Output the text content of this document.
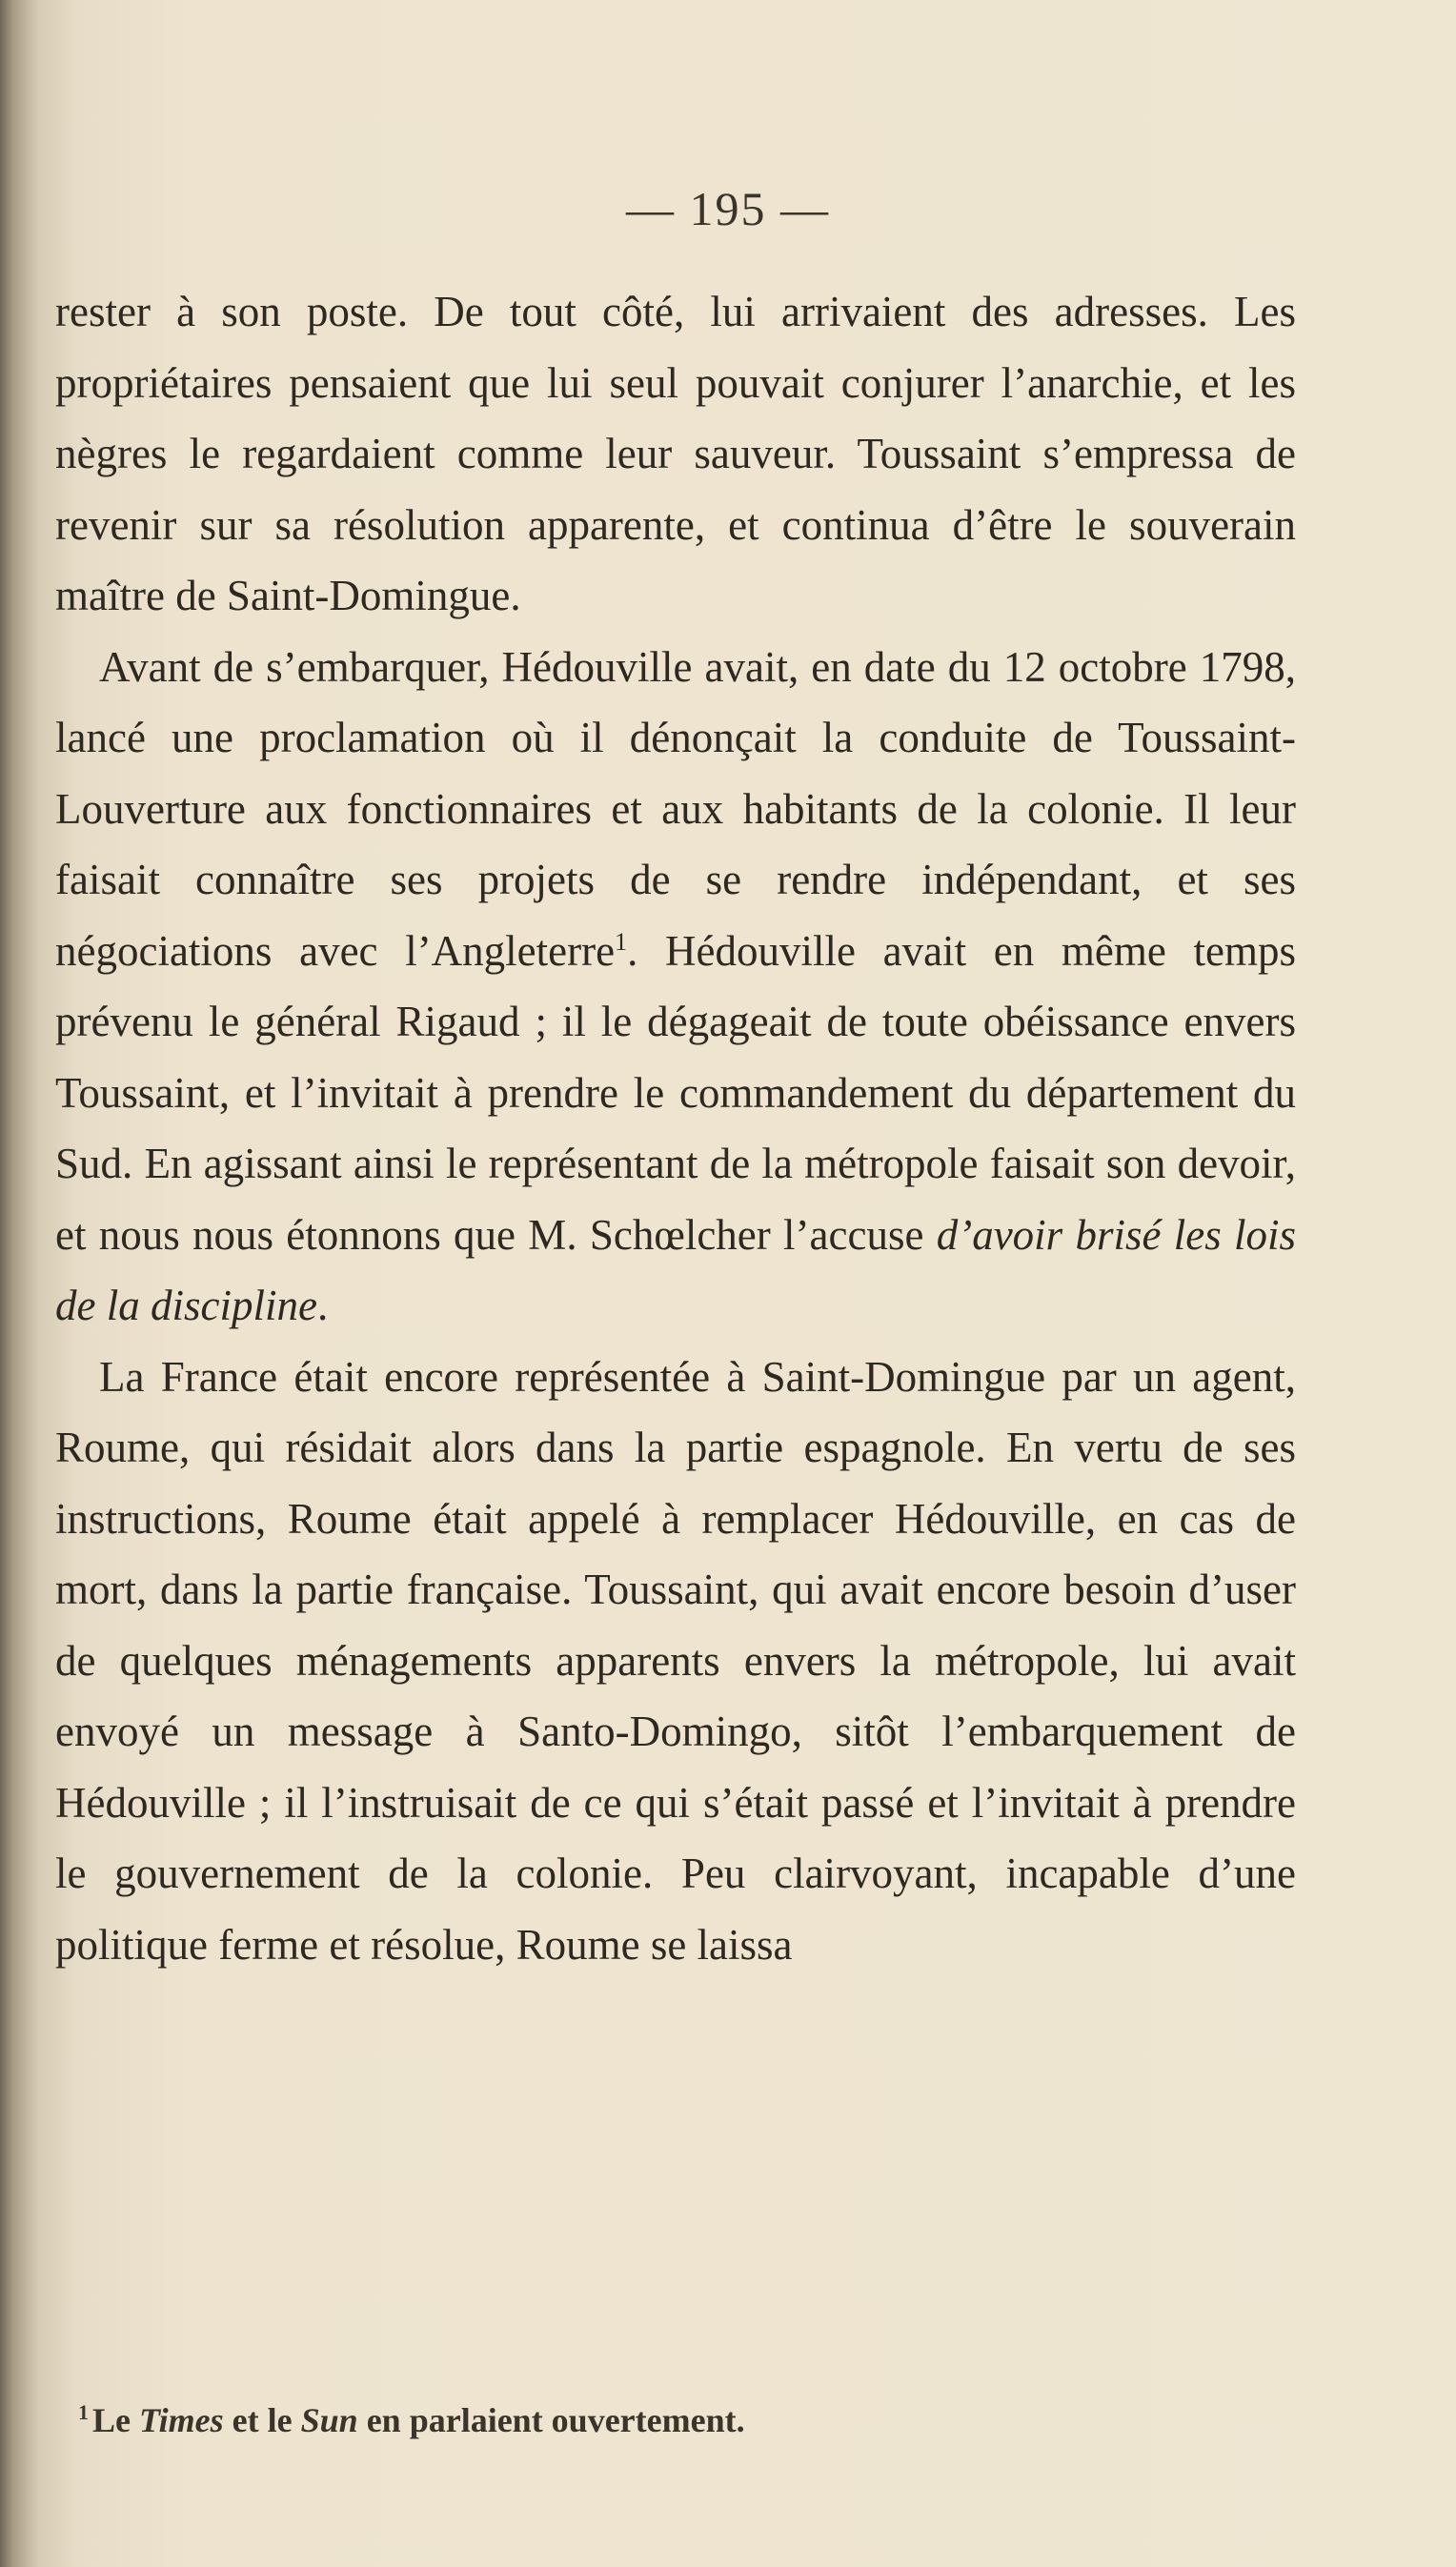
— 195 —

rester à son poste. De tout côté, lui arrivaient des adresses. Les propriétaires pensaient que lui seul pouvait conjurer l’anarchie, et les nègres le regardaient comme leur sauveur. Toussaint s’empressa de revenir sur sa résolution apparente, et continua d’être le souverain maître de Saint-Domingue.

Avant de s’embarquer, Hédouville avait, en date du 12 octobre 1798, lancé une proclamation où il dénonçait la conduite de Toussaint-Louverture aux fonctionnaires et aux habitants de la colonie. Il leur faisait connaître ses projets de se rendre indépendant, et ses négociations avec l’Angleterre$^1$. Hédouville avait en même temps prévenu le général Rigaud ; il le dégageait de toute obéissance envers Toussaint, et l’invitait à prendre le commandement du département du Sud. En agissant ainsi le représentant de la métropole faisait son devoir, et nous nous étonnons que M. Schœlcher l’accuse d’avoir brisé les lois de la discipline.

La France était encore représentée à Saint-Domingue par un agent, Roume, qui résidait alors dans la partie espagnole. En vertu de ses instructions, Roume était appelé à remplacer Hédouville, en cas de mort, dans la partie française. Toussaint, qui avait encore besoin d’user de quelques ménagements apparents envers la métropole, lui avait envoyé un message à Santo-Domingo, sitôt l’embarquement de Hédouville ; il l’instruisait de ce qui s’était passé et l’invitait à prendre le gouvernement de la colonie. Peu clairvoyant, incapable d’une politique ferme et résolue, Roume se laissa

$^1$ Le Times et le Sun en parlaient ouvertement.
